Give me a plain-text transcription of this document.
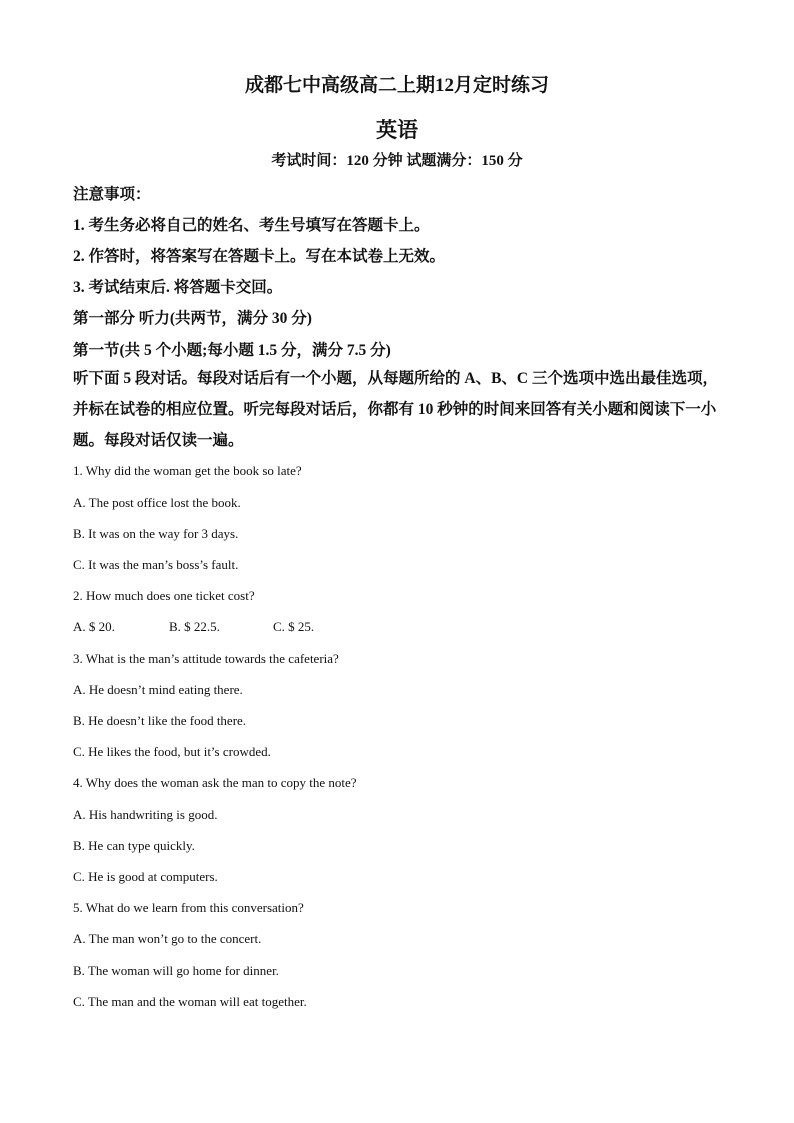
成都七中高级高二上期12月定时练习
英语
考试时间：120 分钟 试题满分：150 分
注意事项：
1. 考生务必将自己的姓名、考生号填写在答题卡上。
2. 作答时，将答案写在答题卡上。写在本试卷上无效。
3. 考试结束后. 将答题卡交回。
第一部分 听力(共两节，满分 30 分)
第一节(共 5 个小题;每小题 1.5 分，满分 7.5 分)
听下面 5 段对话。每段对话后有一个小题，从每题所给的 A、B、C 三个选项中选出最佳选项，并标在试卷的相应位置。听完每段对话后，你都有 10 秒钟的时间来回答有关小题和阅读下一小题。每段对话仅读一遍。
1. Why did the woman get the book so late?
A. The post office lost the book.
B. It was on the way for 3 days.
C. It was the man’s boss’s fault.
2. How much does one ticket cost?
A. $ 20.	B. $ 22.5.	C. $ 25.
3. What is the man’s attitude towards the cafeteria?
A. He doesn’t mind eating there.
B. He doesn’t like the food there.
C. He likes the food, but it’s crowded.
4. Why does the woman ask the man to copy the note?
A. His handwriting is good.
B. He can type quickly.
C. He is good at computers.
5. What do we learn from this conversation?
A. The man won’t go to the concert.
B. The woman will go home for dinner.
C. The man and the woman will eat together.
